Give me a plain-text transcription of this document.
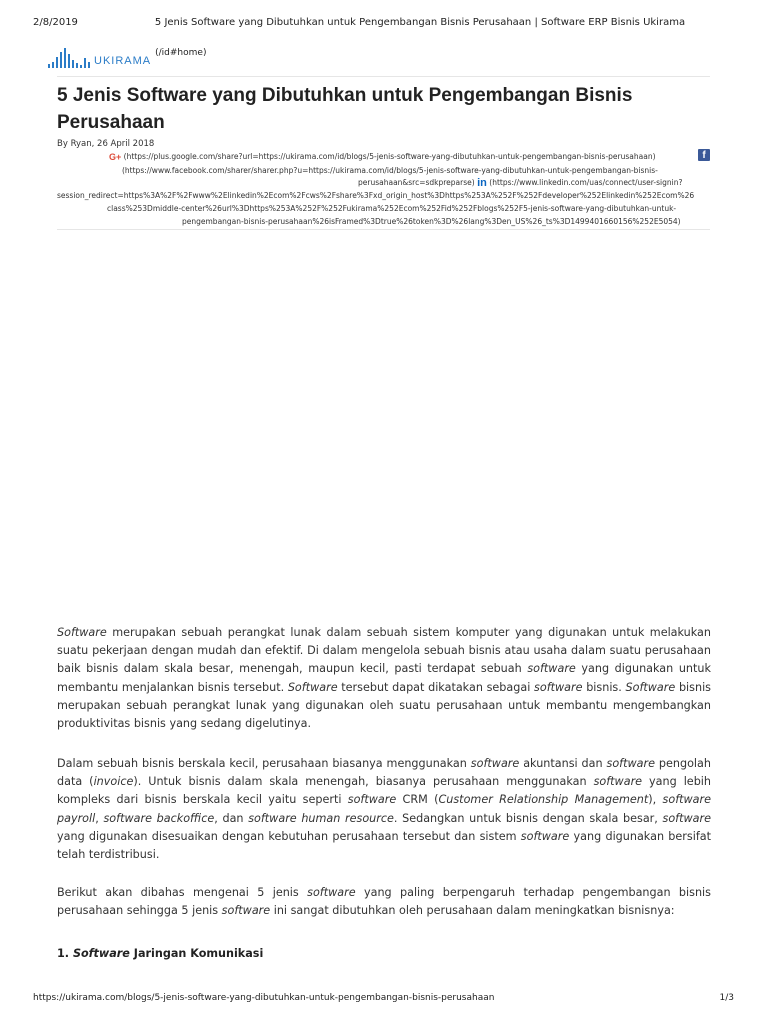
2/8/2019	5 Jenis Software yang Dibutuhkan untuk Pengembangan Bisnis Perusahaan | Software ERP Bisnis Ukirama
UKIRAMA
(/id#home)
5 Jenis Software yang Dibutuhkan untuk Pengembangan Bisnis Perusahaan
By Ryan, 26 April 2018
G+ (https://plus.google.com/share?url=https://ukirama.com/id/blogs/5-jenis-software-yang-dibutuhkan-untuk-pengembangan-bisnis-perusahaan)	f
(https://www.facebook.com/sharer/sharer.php?u=https://ukirama.com/id/blogs/5-jenis-software-yang-dibutuhkan-untuk-pengembangan-bisnis-
perusahaan&src=sdkpreparse) in (https://www.linkedin.com/uas/connect/user-signin?
session_redirect=https%3A%2F%2Fwww%2Elinkedin%2Ecom%2Fcws%2Fshare%3Fxd_origin_host%3Dhttps%253A%252F%252Fdeveloper%252Elinkedin%252Ecom%26
class%253Dmiddle-center%26url%3Dhttps%253A%252F%252Fukirama%252Ecom%252Fid%252Fblogs%252F5-jenis-software-yang-dibutuhkan-untuk-
pengembangan-bisnis-perusahaan%26isFramed%3Dtrue%26token%3D%26lang%3Den_US%26_ts%3D1499401660156%252E5054)

Software merupakan sebuah perangkat lunak dalam sebuah sistem komputer yang digunakan untuk melakukan suatu pekerjaan dengan mudah dan efektif. Di dalam mengelola sebuah bisnis atau usaha dalam suatu perusahaan baik bisnis dalam skala besar, menengah, maupun kecil, pasti terdapat sebuah software yang digunakan untuk membantu menjalankan bisnis tersebut. Software tersebut dapat dikatakan sebagai software bisnis. Software bisnis merupakan sebuah perangkat lunak yang digunakan oleh suatu perusahaan untuk membantu mengembangkan produktivitas bisnis yang sedang digelutinya.

Dalam sebuah bisnis berskala kecil, perusahaan biasanya menggunakan software akuntansi dan software pengolah data (invoice). Untuk bisnis dalam skala menengah, biasanya perusahaan menggunakan software yang lebih kompleks dari bisnis berskala kecil yaitu seperti software CRM (Customer Relationship Management), software payroll, software backoffice, dan software human resource. Sedangkan untuk bisnis dengan skala besar, software yang digunakan disesuaikan dengan kebutuhan perusahaan tersebut dan sistem software yang digunakan bersifat telah terdistribusi.

Berikut akan dibahas mengenai 5 jenis software yang paling berpengaruh terhadap pengembangan bisnis perusahaan sehingga 5 jenis software ini sangat dibutuhkan oleh perusahaan dalam meningkatkan bisnisnya:

1. Software Jaringan Komunikasi
https://ukirama.com/blogs/5-jenis-software-yang-dibutuhkan-untuk-pengembangan-bisnis-perusahaan	1/3
